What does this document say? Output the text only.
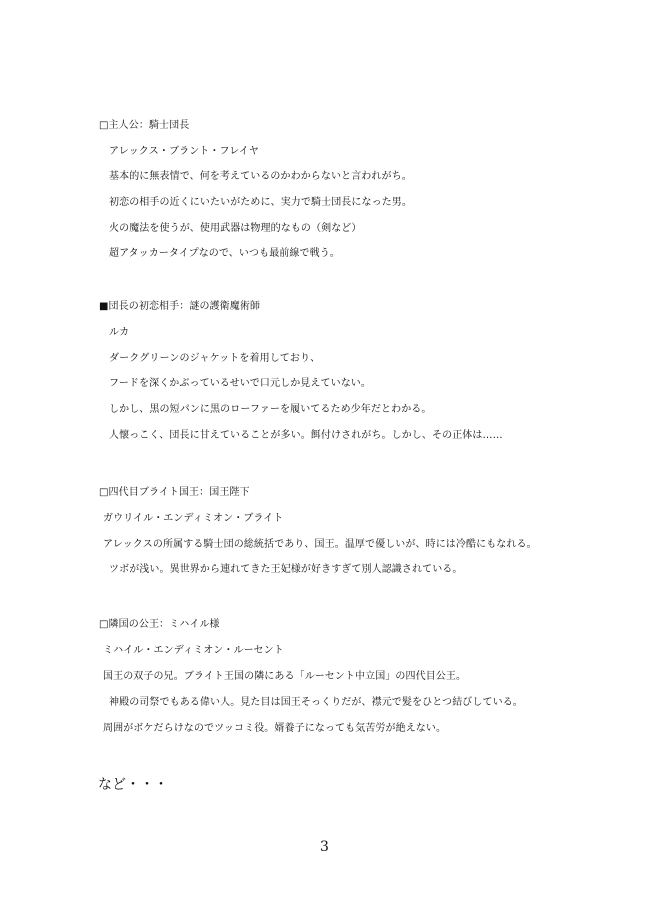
□主人公：騎士団長
アレックス・ブラント・フレイヤ
基本的に無表情で、何を考えているのかわからないと言われがち。
初恋の相手の近くにいたいがために、実力で騎士団長になった男。
火の魔法を使うが、使用武器は物理的なもの（剣など）
超アタッカータイプなので、いつも最前線で戦う。
■団長の初恋相手：謎の護衛魔術師
ルカ
ダークグリーンのジャケットを着用しており、
フードを深くかぶっているせいで口元しか見えていない。
しかし、黒の短パンに黒のローファーを履いてるため少年だとわかる。
人懐っこく、団長に甘えていることが多い。餌付けされがち。しかし、その正体は……
□四代目ブライト国王：国王陛下
ガウリイル・エンディミオン・ブライト
アレックスの所属する騎士団の総統括であり、国王。温厚で優しいが、時には冷酷にもなれる。
ツボが浅い。異世界から連れてきた王妃様が好きすぎて別人認識されている。
□隣国の公王：ミハイル様
ミハイル・エンディミオン・ルーセント
国王の双子の兄。ブライト王国の隣にある「ルーセント中立国」の四代目公王。
神殿の司祭でもある偉い人。見た目は国王そっくりだが、襟元で髪をひとつ結びしている。
周囲がボケだらけなのでツッコミ役。婿養子になっても気苦労が絶えない。
など・・・
3
